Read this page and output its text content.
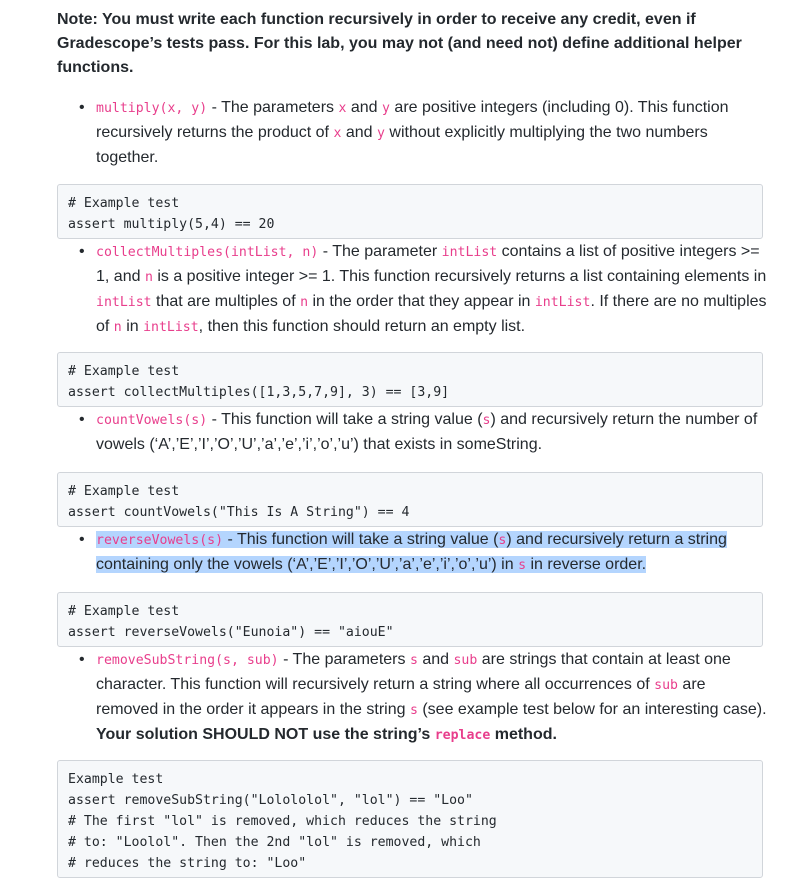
Note: You must write each function recursively in order to receive any credit, even if Gradescope’s tests pass. For this lab, you may not (and need not) define additional helper functions.

• multiply(x, y) - The parameters x and y are positive integers (including 0). This function recursively returns the product of x and y without explicitly multiplying the two numbers together.
# Example test
assert multiply(5,4) == 20
• collectMultiples(intList, n) - The parameter intList contains a list of positive integers >= 1, and n is a positive integer >= 1. This function recursively returns a list containing elements in intList that are multiples of n in the order that they appear in intList. If there are no multiples of n in intList, then this function should return an empty list.
# Example test
assert collectMultiples([1,3,5,7,9], 3) == [3,9]
• countVowels(s) - This function will take a string value (s) and recursively return the number of vowels (‘A’,’E’,’I’,’O’,’U’,’a’,’e’,’i’,’o’,’u’) that exists in someString.
# Example test
assert countVowels("This Is A String") == 4
• reverseVowels(s) - This function will take a string value (s) and recursively return a string containing only the vowels (‘A’,’E’,’I’,’O’,’U’,’a’,’e’,’i’,’o’,’u’) in s in reverse order.
# Example test
assert reverseVowels("Eunoia") == "aiouE"
• removeSubString(s, sub) - The parameters s and sub are strings that contain at least one character. This function will recursively return a string where all occurrences of sub are removed in the order it appears in the string s (see example test below for an interesting case). Your solution SHOULD NOT use the string’s replace method.
Example test
assert removeSubString("Lolololol", "lol") == "Loo"
# The first "lol" is removed, which reduces the string
# to: "Loolol". Then the 2nd "lol" is removed, which
# reduces the string to: "Loo"
